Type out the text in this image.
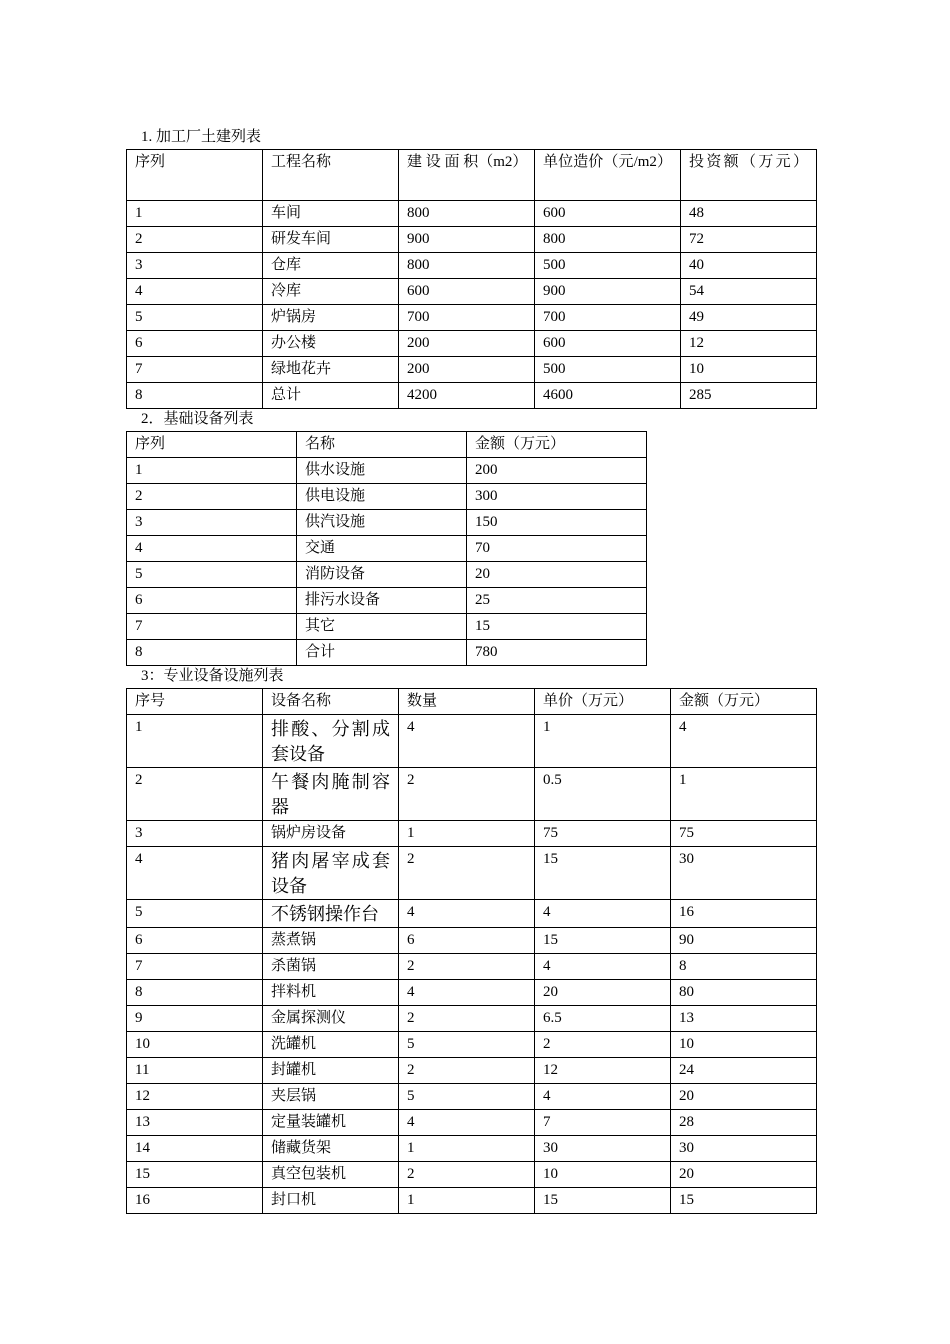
1. 加工厂土建列表
序列	工程名称	建 设 面 积（m2）	单位造价（元/m2）	投资额（万元）
1	车间	800	600	48
2	研发车间	900	800	72
3	仓库	800	500	40
4	冷库	600	900	54
5	炉锅房	700	700	49
6	办公楼	200	600	12
7	绿地花卉	200	500	10
8	总计	4200	4600	285
2．基础设备列表
序列	名称	金额（万元）
1	供水设施	200
2	供电设施	300
3	供汽设施	150
4	交通	70
5	消防设备	20
6	排污水设备	25
7	其它	15
8	合计	780
3：专业设备设施列表
序号	设备名称	数量	单价（万元）	金额（万元）
1	排酸、分割成套设备	4	1	4
2	午餐肉腌制容器	2	0.5	1
3	锅炉房设备	1	75	75
4	猪肉屠宰成套设备	2	15	30
5	不锈钢操作台	4	4	16
6	蒸煮锅	6	15	90
7	杀菌锅	2	4	8
8	拌料机	4	20	80
9	金属探测仪	2	6.5	13
10	洗罐机	5	2	10
11	封罐机	2	12	24
12	夹层锅	5	4	20
13	定量装罐机	4	7	28
14	储藏货架	1	30	30
15	真空包装机	2	10	20
16	封口机	1	15	15
